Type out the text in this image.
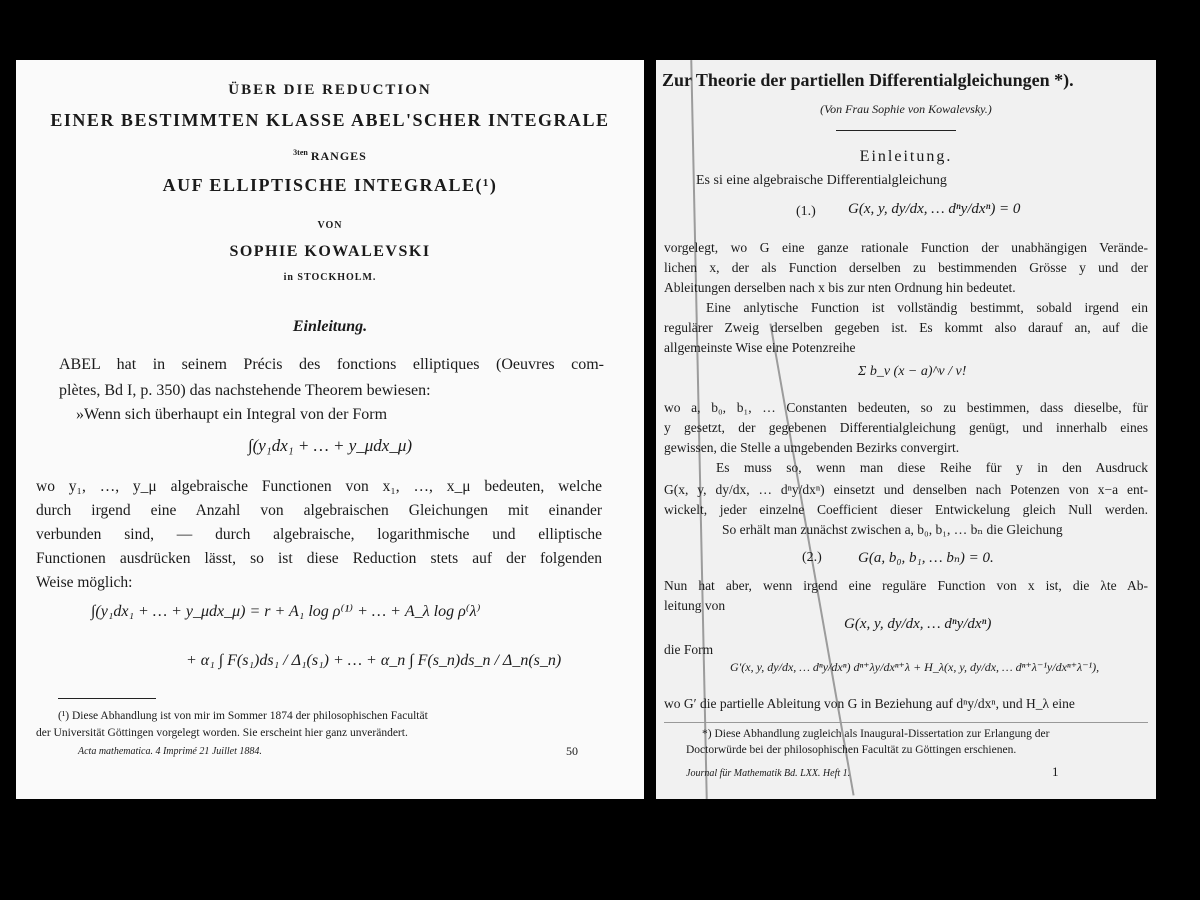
ÜBER DIE REDUCTION
EINER BESTIMMTEN KLASSE ABEL'SCHER INTEGRALE
$^{3ten}$ RANGES
AUF ELLIPTISCHE INTEGRALE(¹)
VON
SOPHIE KOWALEVSKI
in STOCKHOLM.
Einleitung.
ABEL hat in seinem Précis des fonctions elliptiques (Oeuvres com-
plètes, Bd I, p. 350) das nachstehende Theorem bewiesen:
»Wenn sich überhaupt ein Integral von der Form
∫(y₁dx₁ + … + y_μdx_μ)
wo y₁, …, y_μ algebraische Functionen von x₁, …, x_μ bedeuten, welche
durch irgend eine Anzahl von algebraischen Gleichungen mit einander
verbunden sind, — durch algebraische, logarithmische und elliptische
Functionen ausdrücken lässt, so ist diese Reduction stets auf der folgenden
Weise möglich:
∫(y₁dx₁ + … + y_μdx_μ) = r + A₁ log ρ⁽¹⁾ + … + A_λ log ρ⁽λ⁾
+ α₁ ∫ F(s₁)ds₁ / Δ₁(s₁) + … + α_n ∫ F(s_n)ds_n / Δ_n(s_n)
(¹) Diese Abhandlung ist von mir im Sommer 1874 der philosophischen Facultät
der Universität Göttingen vorgelegt worden. Sie erscheint hier ganz unverändert.
Acta mathematica. 4 Imprimé 21 Juillet 1884.	50
Zur Theorie der partiellen Differentialgleichungen *).
(Von Frau Sophie von Kowalevsky.)
Einleitung.
Es si eine algebraische Differentialgleichung
(1.) G(x, y, dy/dx, … dⁿy/dxⁿ) = 0
vorgelegt, wo G eine ganze rationale Function der unabhängigen Verände-
lichen x, der als Function derselben zu bestimmenden Grösse y und der
Ableitungen derselben nach x bis zur nten Ordnung hin bedeutet.
Eine anlytische Function ist vollständig bestimmt, sobald irgend ein
regulärer Zweig derselben gegeben ist. Es kommt also darauf an, auf die
allgemeinste Wise eine Potenzreihe
Σ b_ν (x − a)^ν / ν!
wo a, b₀, b₁, … Constanten bedeuten, so zu bestimmen, dass dieselbe, für
y gesetzt, der gegebenen Differentialgleichung genügt, und innerhalb eines
gewissen, die Stelle a umgebenden Bezirks convergirt.
Es muss so, wenn man diese Reihe für y in den Ausdruck
G(x, y, dy/dx, … dⁿy/dxⁿ) einsetzt und denselben nach Potenzen von x−a ent-
wickelt, jeder einzelne Coefficient dieser Entwickelung gleich Null werden.
So erhält man zunächst zwischen a, b₀, b₁, … bₙ die Gleichung
(2.) G(a, b₀, b₁, … bₙ) = 0.
Nun hat aber, wenn irgend eine reguläre Function von x ist, die λte Ab-
leitung von
G(x, y, dy/dx, … dⁿy/dxⁿ)
die Form
G′(x, y, dy/dx, … dⁿy/dxⁿ) dⁿ⁺λy/dxⁿ⁺λ + H_λ(x, y, dy/dx, … dⁿ⁺λ⁻¹y/dxⁿ⁺λ⁻¹),
wo G′ die partielle Ableitung von G in Beziehung auf dⁿy/dxⁿ, und H_λ eine
*) Diese Abhandlung zugleich als Inaugural-Dissertation zur Erlangung der
Doctorwürde bei der philosophischen Facultät zu Göttingen erschienen.
Journal für Mathematik Bd. LXX. Heft 1.	1
